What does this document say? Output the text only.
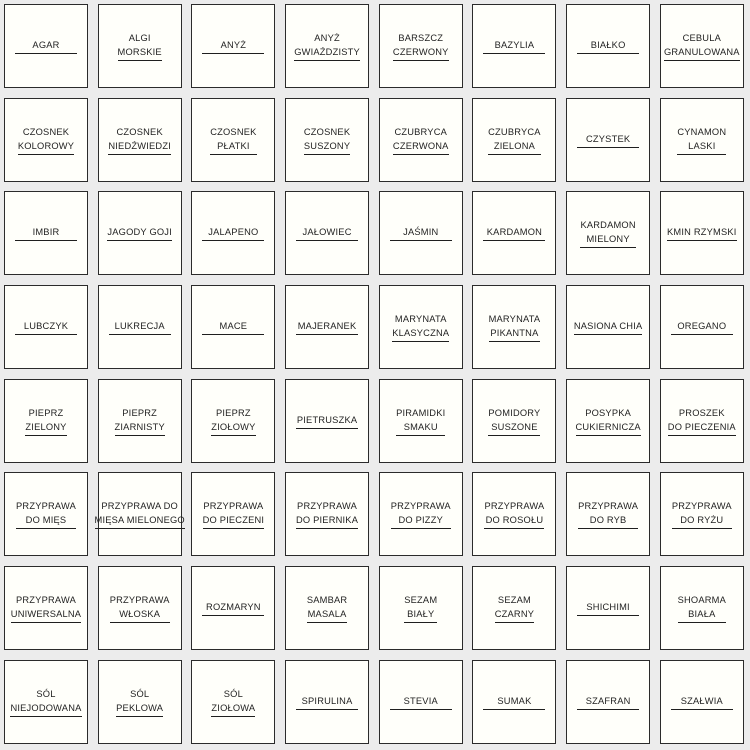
AGAR
ALGI
MORSKIE
ANYŻ
ANYŻ
GWIAŹDZISTY
BARSZCZ
CZERWONY
BAZYLIA	BIAŁKO
CEBULA
GRANULOWANA
CZOSNEK
KOLOROWY
CZOSNEK
NIEDŹWIEDZI
CZOSNEK
PŁATKI
CZOSNEK
SUSZONY
CZUBRYCA
CZERWONA
CZUBRYCA
ZIELONA
CZYSTEK
CYNAMON
LASKI
IMBIR	JAGODY GOJI	JALAPENO	JAŁOWIEC	JAŚMIN	KARDAMON
KARDAMON
MIELONY
KMIN RZYMSKI
LUBCZYK	LUKRECJA	MACE	MAJERANEK
MARYNATA
KLASYCZNA
MARYNATA
PIKANTNA
NASIONA CHIA	OREGANO
PIEPRZ
ZIELONY
PIEPRZ
ZIARNISTY
PIEPRZ
ZIOŁOWY
PIETRUSZKA
PIRAMIDKI
SMAKU
POMIDORY
SUSZONE
POSYPKA
CUKIERNICZA
PROSZEK
DO PIECZENIA
PRZYPRAWA
DO MIĘS
PRZYPRAWA DO
MIĘSA MIELONEGO
PRZYPRAWA
DO PIECZENI
PRZYPRAWA
DO PIERNIKA
PRZYPRAWA
DO PIZZY
PRZYPRAWA
DO ROSOŁU
PRZYPRAWA
DO RYB
PRZYPRAWA
DO RYŻU
PRZYPRAWA
UNIWERSALNA
PRZYPRAWA
WŁOSKA
ROZMARYN
SAMBAR
MASALA
SEZAM
BIAŁY
SEZAM
CZARNY
SHICHIMI
SHOARMA
BIAŁA
SÓL
NIEJODOWANA
SÓL
PEKLOWA
SÓL
ZIOŁOWA
SPIRULINA	STEVIA	SUMAK	SZAFRAN	SZAŁWIA
